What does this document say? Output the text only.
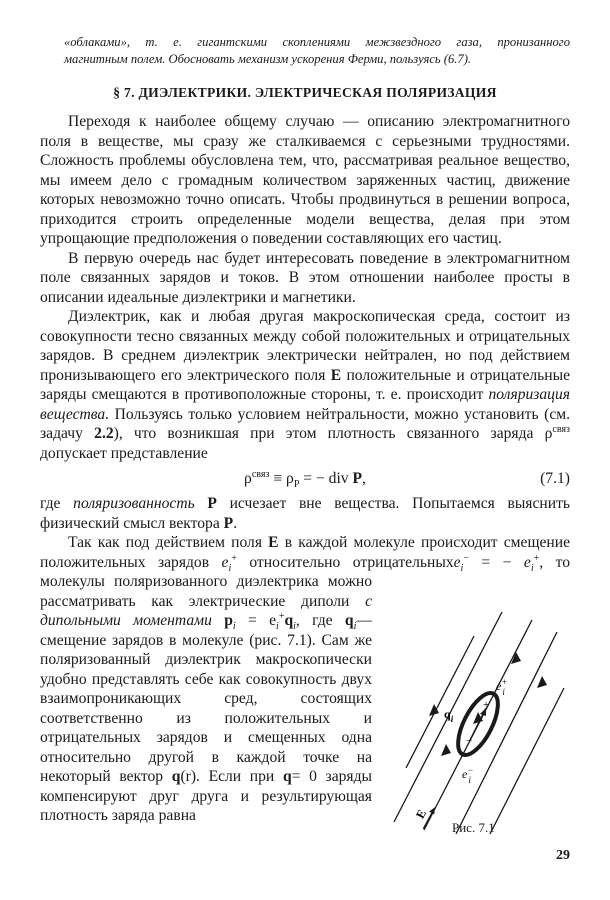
«облаками», т. е. гигантскими скоплениями межзвездного газа, пронизанного
магнитным полем. Обосновать механизм ускорения Ферми, пользуясь (6.7).

§ 7. ДИЭЛЕКТРИКИ. ЭЛЕКТРИЧЕСКАЯ ПОЛЯРИЗАЦИЯ

Переходя к наиболее общему случаю — описанию электромагнитного поля в веществе, мы сразу же сталкиваемся с серьезными трудностями. Сложность проблемы обусловлена тем, что, рассматривая реальное вещество, мы имеем дело с громадным количеством заряженных частиц, движение которых невозможно точно описать. Чтобы продвинуться в решении вопроса, приходится строить определенные модели вещества, делая при этом упрощающие предположения о поведении составляющих его частиц.

В первую очередь нас будет интересовать поведение в электромагнитном поле связанных зарядов и токов. В этом отношении наиболее просты в описании идеальные диэлектрики и магнетики.

Диэлектрик, как и любая другая макроскопическая среда, состоит из совокупности тесно связанных между собой положительных и отрицательных зарядов. В среднем диэлектрик электрически нейтрален, но под действием пронизывающего его электрического поля E положительные и отрицательные заряды смещаются в противоположные стороны, т. е. происходит поляризация вещества. Пользуясь только условием нейтральности, можно установить (см. задачу 2.2), что возникшая при этом плотность связанного заряда $\rho^{связ}$ допускает представление

$\rho^{связ} \equiv \rho_P$ = − div P,	(7.1)

где поляризованность P исчезает вне вещества. Попытаемся выяснить физический смысл вектора P.

Так как под действием поля E в каждой молекуле происходит смещение положительных зарядов $e_i^+$ относительно отрицательных
+
−
e+ i
e− i
$q_i$
E
$e_i^-$ = − $e_i^+$, то молекулы поляризованного диэлектрика можно рассматривать как электрические диполи с дипольными моментами $p_i = e_i^+q_i$, где $q_i—$ смещение зарядов в молекуле (рис. 7.1). Сам же поляризованный диэлектрик макроскопически удобно представлять себе как совокупность двух взаимопроникающих сред, состоящих соответственно из положительных и отрицательных зарядов и смещенных одна относительно другой в каждой точке на некоторый вектор q(r). Если при q= 0 заряды компенсируют друг друга и результирующая плотность заряда равна

Рис. 7.1

29
